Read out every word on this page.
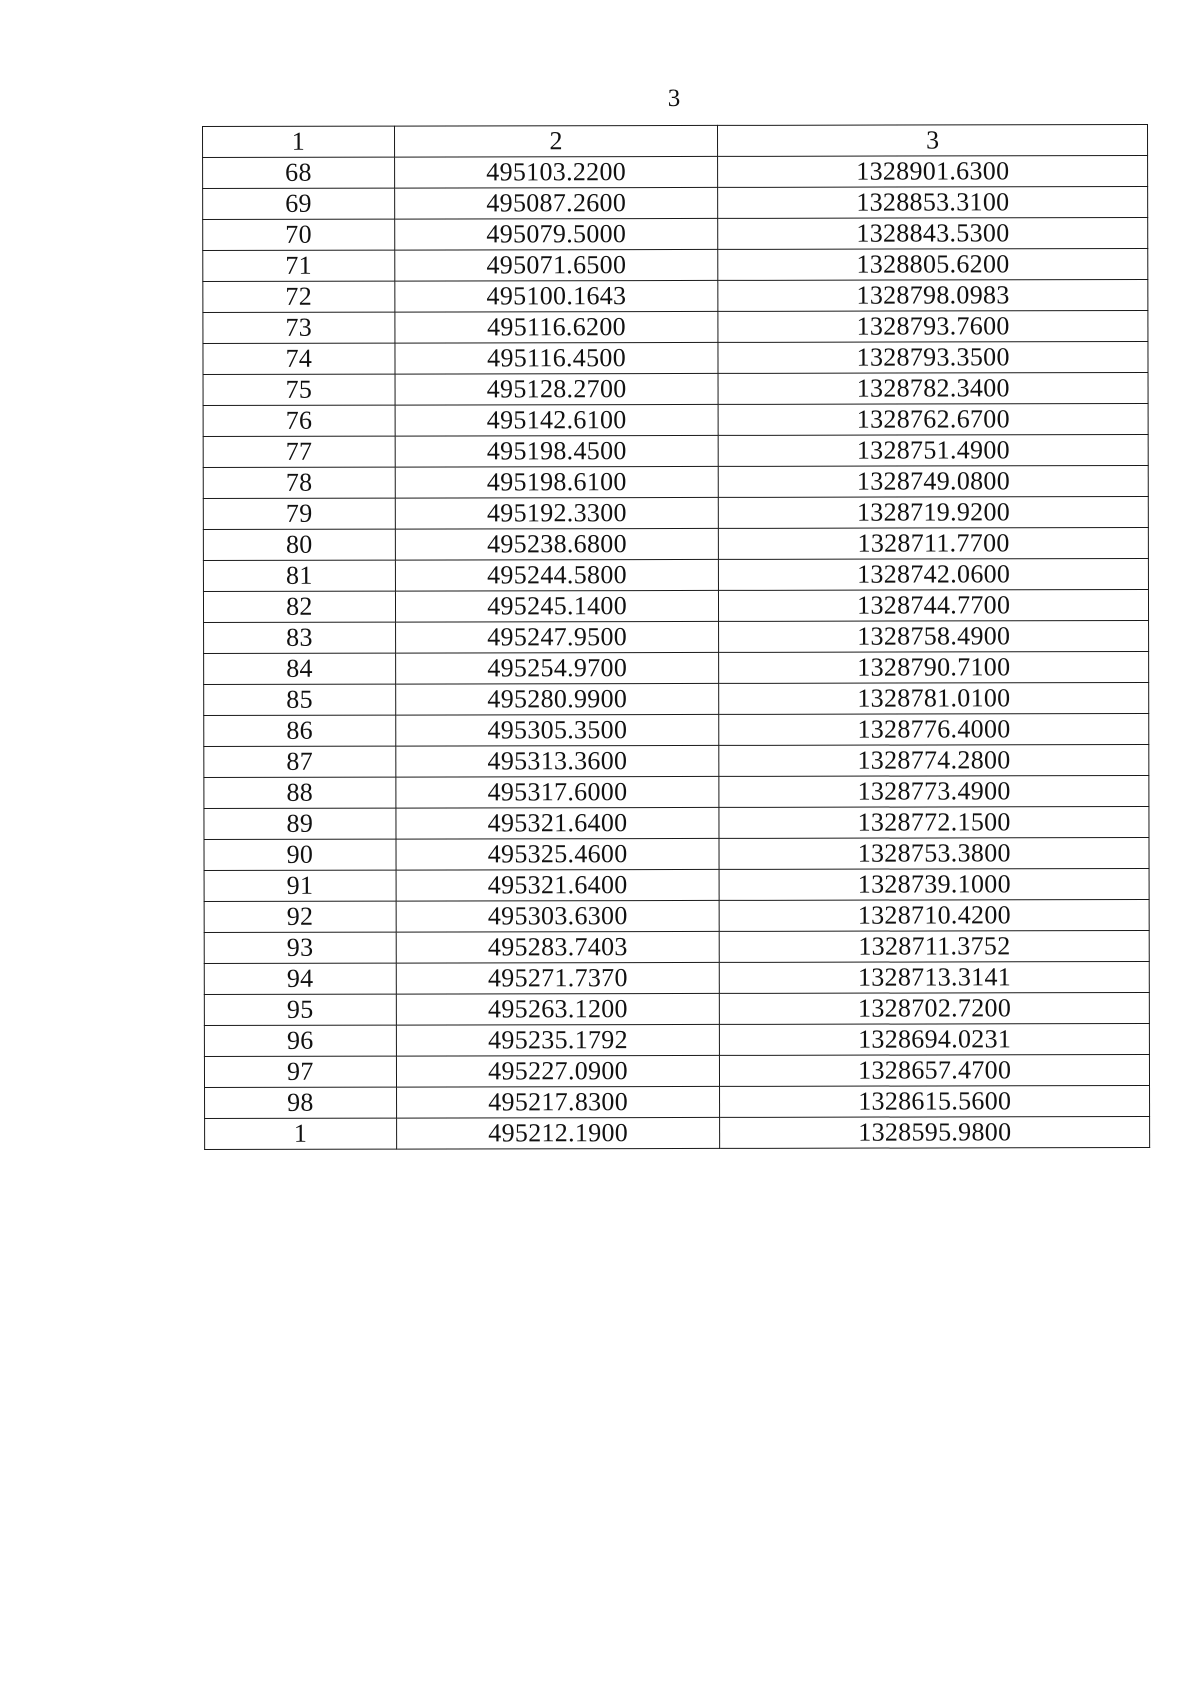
3
1	2	3
68	495103.2200	1328901.6300
69	495087.2600	1328853.3100
70	495079.5000	1328843.5300
71	495071.6500	1328805.6200
72	495100.1643	1328798.0983
73	495116.6200	1328793.7600
74	495116.4500	1328793.3500
75	495128.2700	1328782.3400
76	495142.6100	1328762.6700
77	495198.4500	1328751.4900
78	495198.6100	1328749.0800
79	495192.3300	1328719.9200
80	495238.6800	1328711.7700
81	495244.5800	1328742.0600
82	495245.1400	1328744.7700
83	495247.9500	1328758.4900
84	495254.9700	1328790.7100
85	495280.9900	1328781.0100
86	495305.3500	1328776.4000
87	495313.3600	1328774.2800
88	495317.6000	1328773.4900
89	495321.6400	1328772.1500
90	495325.4600	1328753.3800
91	495321.6400	1328739.1000
92	495303.6300	1328710.4200
93	495283.7403	1328711.3752
94	495271.7370	1328713.3141
95	495263.1200	1328702.7200
96	495235.1792	1328694.0231
97	495227.0900	1328657.4700
98	495217.8300	1328615.5600
1	495212.1900	1328595.9800
